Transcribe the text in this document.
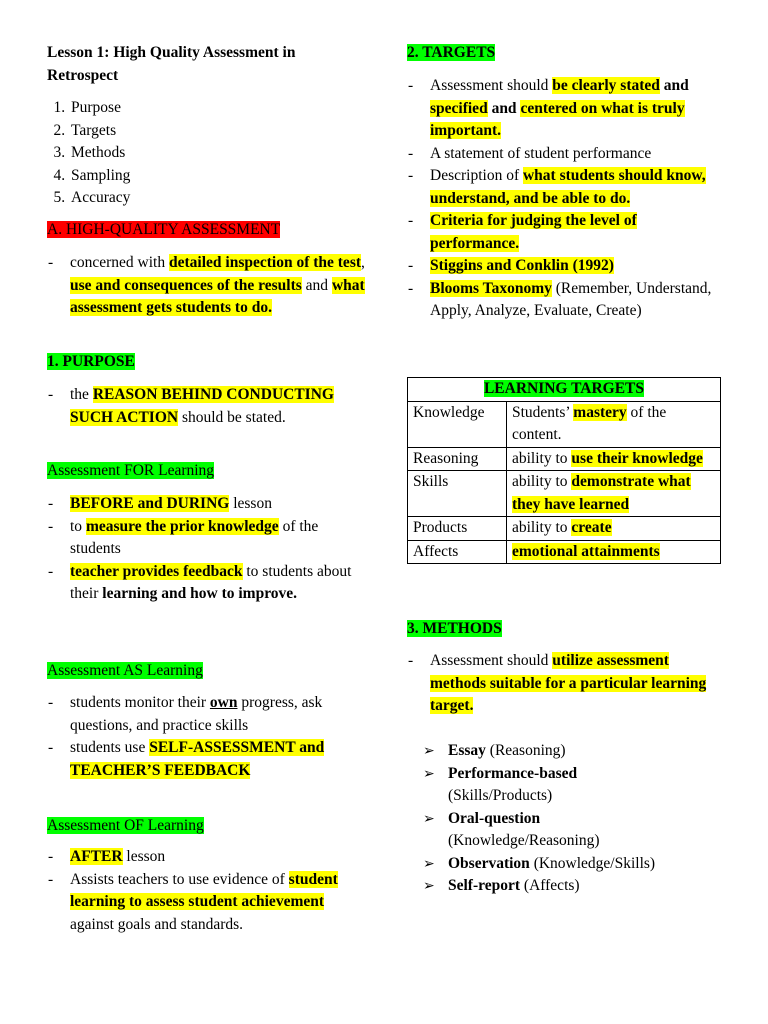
Lesson 1: High Quality Assessment in Retrospect
1. Purpose
2. Targets
3. Methods
4. Sampling
5. Accuracy
A. HIGH-QUALITY ASSESSMENT
- concerned with detailed inspection of the test, use and consequences of the results and what assessment gets students to do.
1. PURPOSE
- the REASON BEHIND CONDUCTING SUCH ACTION should be stated.
Assessment FOR Learning
- BEFORE and DURING lesson
- to measure the prior knowledge of the students
- teacher provides feedback to students about their learning and how to improve.
Assessment AS Learning
- students monitor their own progress, ask questions, and practice skills
- students use SELF-ASSESSMENT and TEACHER’S FEEDBACK
Assessment OF Learning
- AFTER lesson
- Assists teachers to use evidence of student learning to assess student achievement against goals and standards.
2. TARGETS
- Assessment should be clearly stated and specified and centered on what is truly important.
- A statement of student performance
- Description of what students should know, understand, and be able to do.
- Criteria for judging the level of performance.
- Stiggins and Conklin (1992)
- Blooms Taxonomy (Remember, Understand, Apply, Analyze, Evaluate, Create)
LEARNING TARGETS	
Knowledge	Students’ mastery of the content.
Reasoning	ability to use their knowledge
Skills	ability to demonstrate what they have learned
Products	ability to create
Affects	emotional attainments
3. METHODS
- Assessment should utilize assessment methods suitable for a particular learning target.
➢ Essay (Reasoning)
➢ Performance-based
(Skills/Products)
➢ Oral-question
(Knowledge/Reasoning)
➢ Observation (Knowledge/Skills)
➢ Self-report (Affects)
